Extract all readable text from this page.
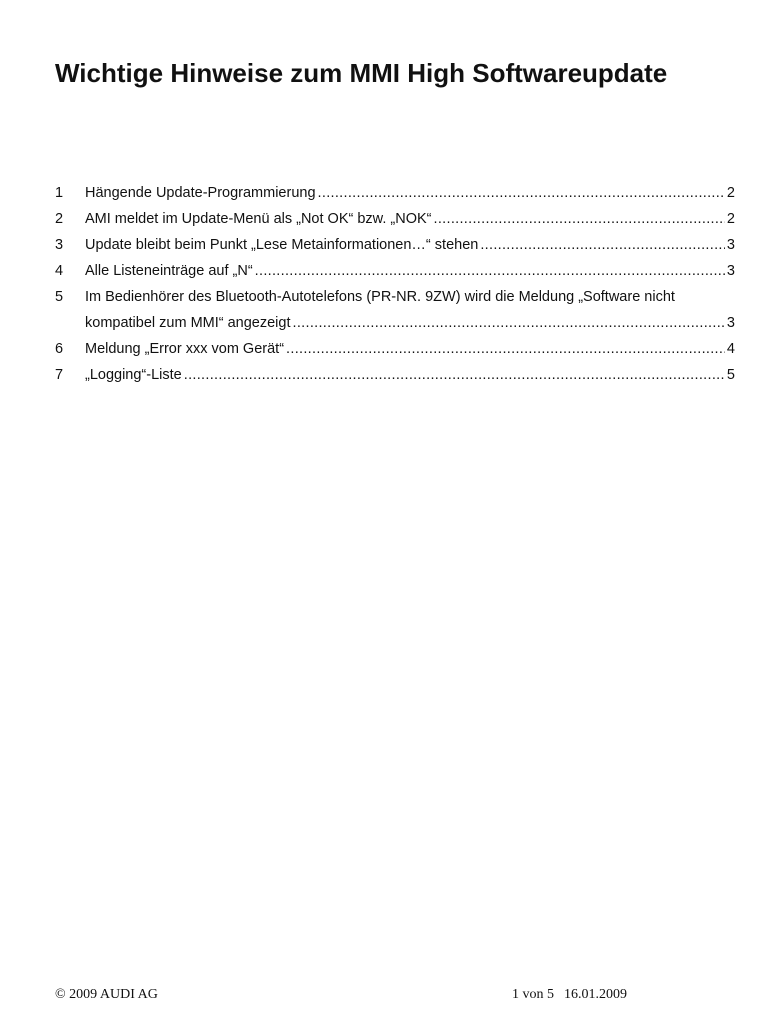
Wichtige Hinweise zum MMI High Softwareupdate
1	Hängende Update-Programmierung .....	2
2	AMI meldet im Update-Menü als „Not OK“ bzw. „NOK“ .....	2
3	Update bleibt beim Punkt „Lese Metainformationen…“ stehen .....	3
4	Alle Listeneinträge auf „N“ .....	3
5	Im Bedienhörer des Bluetooth-Autotelefons (PR-NR. 9ZW) wird die Meldung „Software nicht
kompatibel zum MMI“ angezeigt .....	3
6	Meldung „Error xxx vom Gerät“ .....	4
7	„Logging“-Liste .....	5
© 2009 AUDI AG	1 von 5 16.01.2009
